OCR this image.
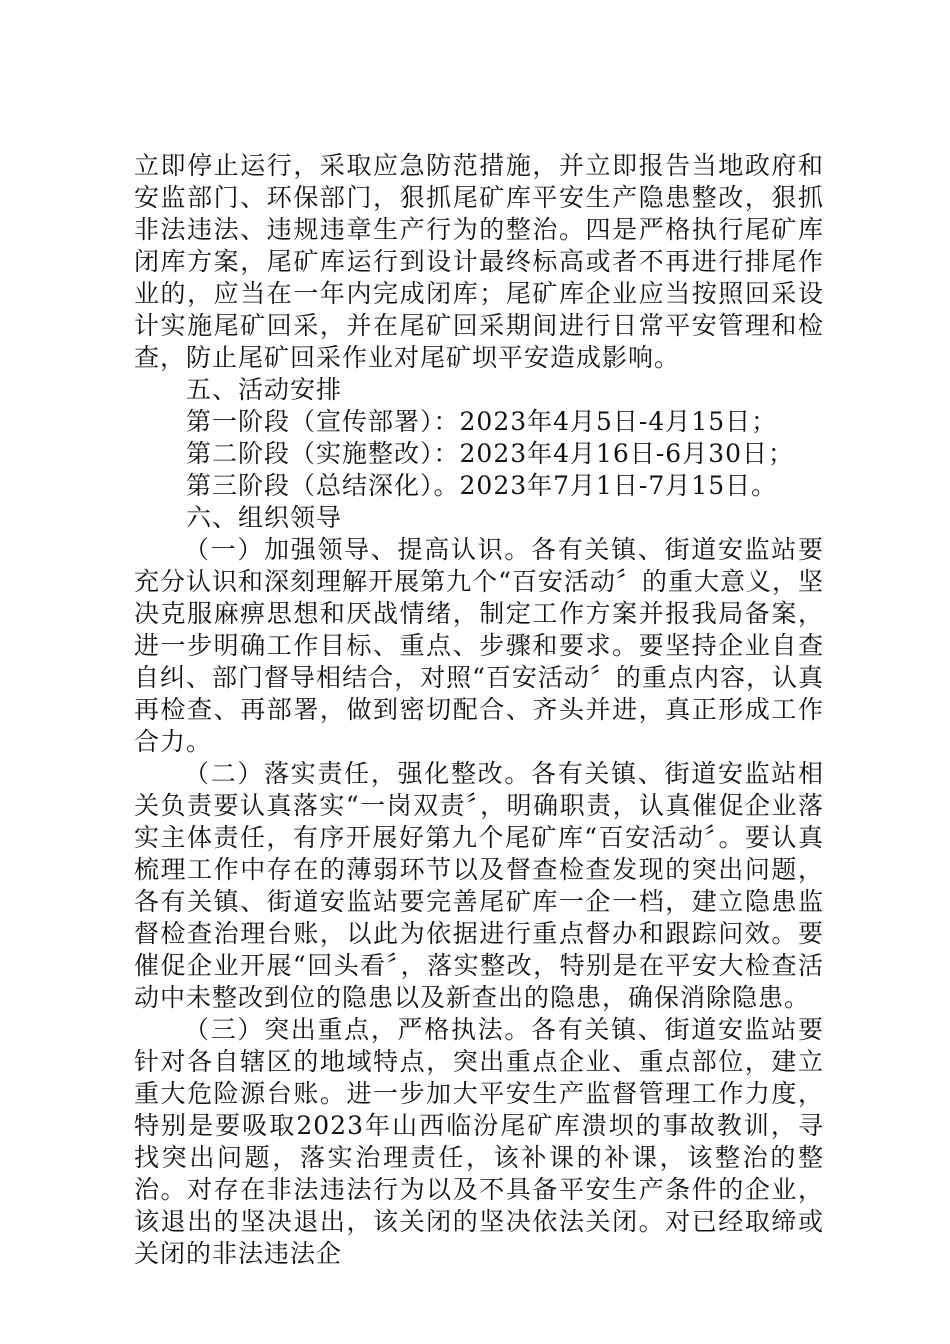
立即停止运行，采取应急防范措施，并立即报告当地政府和安监部门、环保部门，狠抓尾矿库平安生产隐患整改，狠抓非法违法、违规违章生产行为的整治。四是严格执行尾矿库闭库方案，尾矿库运行到设计最终标高或者不再进行排尾作业的，应当在一年内完成闭库；尾矿库企业应当按照回采设计实施尾矿回采，并在尾矿回采期间进行日常平安管理和检查，防止尾矿回采作业对尾矿坝平安造成影响。

五、活动安排

第一阶段（宣传部署）：2023年4月5日-4月15日；

第二阶段（实施整改）：2023年4月16日-6月30日；

第三阶段（总结深化）。2023年7月1日-7月15日。

六、组织领导

（一）加强领导、提高认识。各有关镇、街道安监站要充分认识和深刻理解开展第九个“百安活动〞的重大意义，坚决克服麻痹思想和厌战情绪，制定工作方案并报我局备案，进一步明确工作目标、重点、步骤和要求。要坚持企业自查自纠、部门督导相结合，对照“百安活动〞的重点内容，认真再检查、再部署，做到密切配合、齐头并进，真正形成工作合力。

（二）落实责任，强化整改。各有关镇、街道安监站相关负责要认真落实“一岗双责〞，明确职责，认真催促企业落实主体责任，有序开展好第九个尾矿库“百安活动〞。要认真梳理工作中存在的薄弱环节以及督查检查发现的突出问题，各有关镇、街道安监站要完善尾矿库一企一档，建立隐患监督检查治理台账，以此为依据进行重点督办和跟踪问效。要催促企业开展“回头看〞，落实整改，特别是在平安大检查活动中未整改到位的隐患以及新查出的隐患，确保消除隐患。

（三）突出重点，严格执法。各有关镇、街道安监站要针对各自辖区的地域特点，突出重点企业、重点部位，建立重大危险源台账。进一步加大平安生产监督管理工作力度，特别是要吸取2023年山西临汾尾矿库溃坝的事故教训，寻找突出问题，落实治理责任，该补课的补课，该整治的整治。对存在非法违法行为以及不具备平安生产条件的企业，该退出的坚决退出，该关闭的坚决依法关闭。对已经取缔或关闭的非法违法企
